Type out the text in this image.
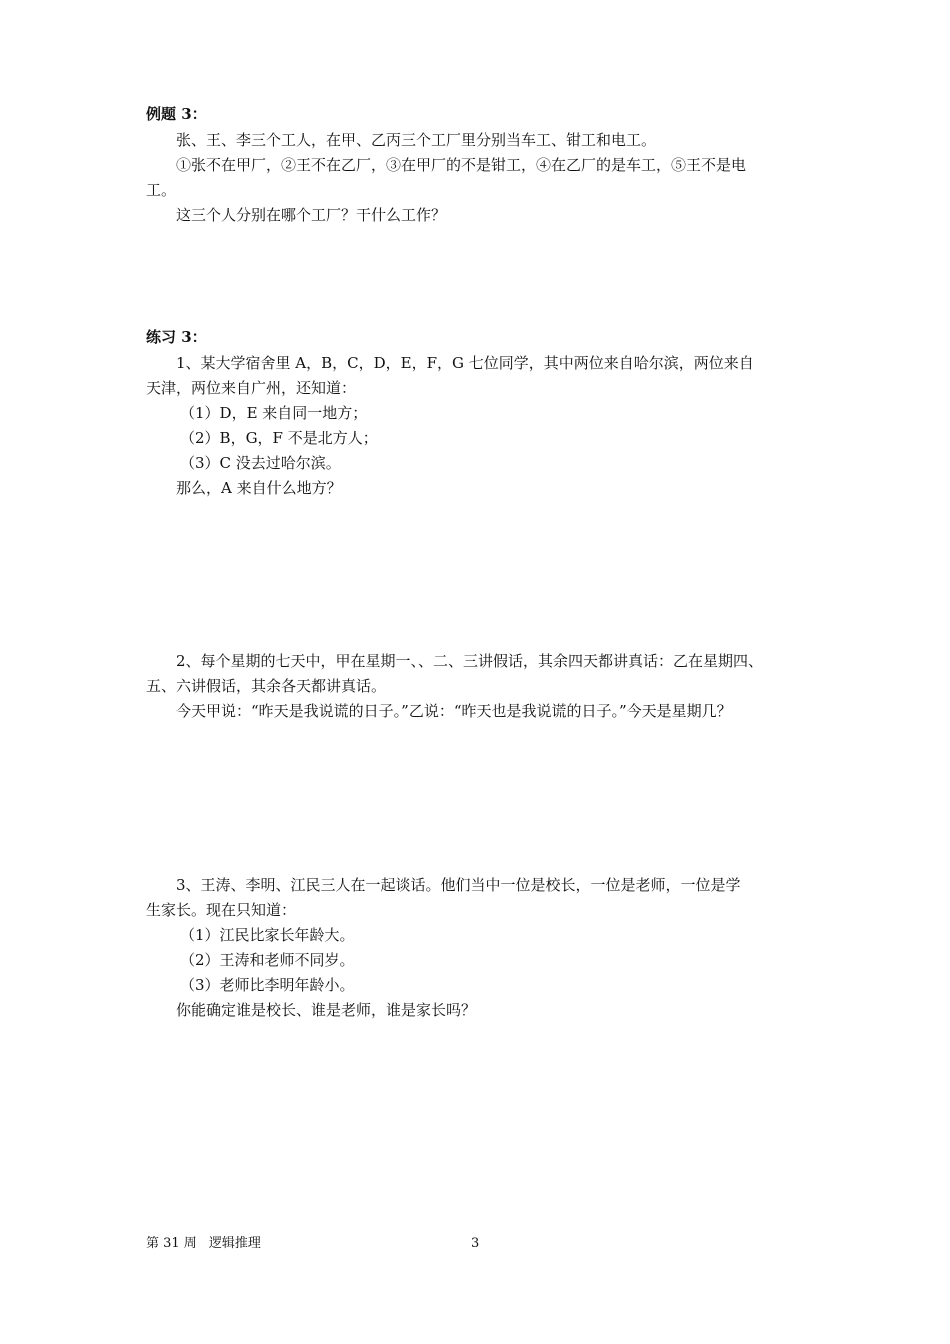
例题 3：
张、王、李三个工人，在甲、乙丙三个工厂里分别当车工、钳工和电工。
①张不在甲厂，②王不在乙厂，③在甲厂的不是钳工，④在乙厂的是车工，⑤王不是电
工。
这三个人分别在哪个工厂？干什么工作？
练习 3：
1、某大学宿舍里 A，B，C，D，E，F，G 七位同学，其中两位来自哈尔滨，两位来自
天津，两位来自广州，还知道：
（1）D，E 来自同一地方；
（2）B，G，F 不是北方人；
（3）C 没去过哈尔滨。
那么，A 来自什么地方？
2、每个星期的七天中，甲在星期一、、二、三讲假话，其余四天都讲真话：乙在星期四、
五、六讲假话，其余各天都讲真话。
今天甲说：“昨天是我说谎的日子。”乙说：“昨天也是我说谎的日子。”今天是星期几？
3、王涛、李明、江民三人在一起谈话。他们当中一位是校长，一位是老师，一位是学
生家长。现在只知道：
（1）江民比家长年龄大。
（2）王涛和老师不同岁。
（3）老师比李明年龄小。
你能确定谁是校长、谁是老师，谁是家长吗？
第 31 周 逻辑推理	3
